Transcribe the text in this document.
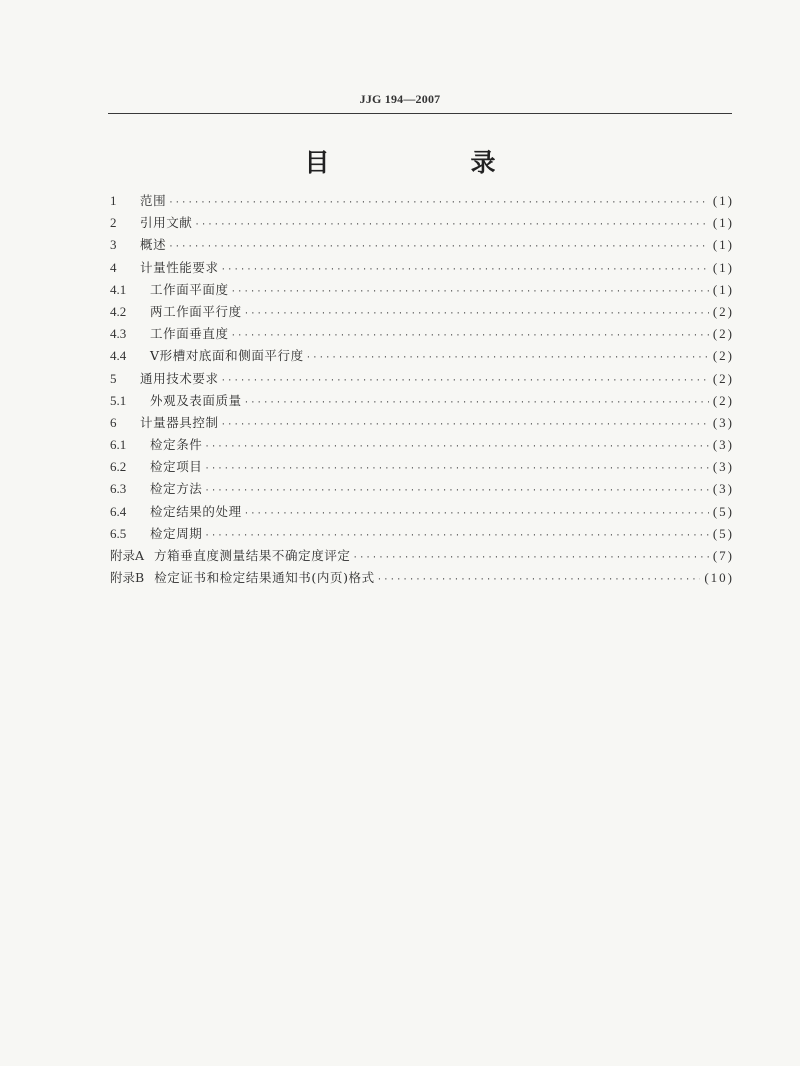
JJG 194—2007
目　录
1	范围 ·····	(1)
2	引用文献 ·····	(1)
3	概述 ·····	(1)
4	计量性能要求 ·····	(1)
4.1	工作面平面度 ·····	(1)
4.2	两工作面平行度 ·····	(2)
4.3	工作面垂直度 ·····	(2)
4.4	V形槽对底面和侧面平行度 ·····	(2)
5	通用技术要求 ·····	(2)
5.1	外观及表面质量 ·····	(2)
6	计量器具控制 ·····	(3)
6.1	检定条件 ·····	(3)
6.2	检定项目 ·····	(3)
6.3	检定方法 ·····	(3)
6.4	检定结果的处理 ·····	(5)
6.5	检定周期 ·····	(5)
附录A 方箱垂直度测量结果不确定度评定 ·····	(7)
附录B 检定证书和检定结果通知书(内页)格式 ·····	(10)
